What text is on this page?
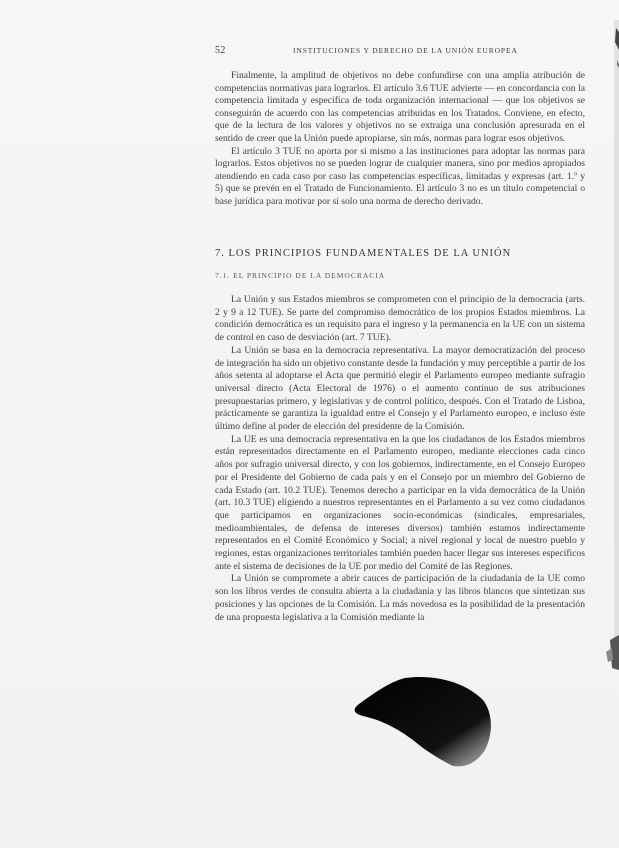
52	INSTITUCIONES Y DERECHO DE LA UNIÓN EUROPEA

Finalmente, la amplitud de objetivos no debe confundirse con una amplia atribución de competencias normativas para lograrlos. El artículo 3.6 TUE advierte — en concordancia con la competencia limitada y específica de toda organización internacional — que los objetivos se conseguirán de acuerdo con las competencias atribuidas en los Tratados. Conviene, en efecto, que de la lectura de los valores y objetivos no se extraiga una conclusión apresurada en el sentido de creer que la Unión puede apropiarse, sin más, normas para lograr esos objetivos.

El artículo 3 TUE no aporta por sí mismo a las instituciones para adoptar las normas para lograrlos. Estos objetivos no se pueden lograr de cualquier manera, sino por medios apropiados atendiendo en cada caso por caso las competencias específicas, limitadas y expresas (art. 1.º y 5) que se prevén en el Tratado de Funcionamiento. El artículo 3 no es un título competencial o base jurídica para motivar por sí solo una norma de derecho derivado.

7. LOS PRINCIPIOS FUNDAMENTALES DE LA UNIÓN
7.1. EL PRINCIPIO DE LA DEMOCRACIA

La Unión y sus Estados miembros se comprometen con el principio de la democracia (arts. 2 y 9 a 12 TUE). Se parte del compromiso democrático de los propios Estados miembros. La condición democrática es un requisito para el ingreso y la permanencia en la UE con un sistema de control en caso de desviación (art. 7 TUE).

La Unión se basa en la democracia representativa. La mayor democratización del proceso de integración ha sido un objetivo constante desde la fundación y muy perceptible a partir de los años setenta al adoptarse el Acta que permitió elegir el Parlamento europeo mediante sufragio universal directo (Acta Electoral de 1976) o el aumento continuo de sus atribuciones presupuestarias primero, y legislativas y de control político, después. Con el Tratado de Lisboa, prácticamente se garantiza la igualdad entre el Consejo y el Parlamento europeo, e incluso éste último define al poder de elección del presidente de la Comisión.

La UE es una democracia representativa en la que los ciudadanos de los Estados miembros están representados directamente en el Parlamento europeo, mediante elecciones cada cinco años por sufragio universal directo, y con los gobiernos, indirectamente, en el Consejo Europeo por el Presidente del Gobierno de cada país y en el Consejo por un miembro del Gobierno de cada Estado (art. 10.2 TUE). Tenemos derecho a participar en la vida democrática de la Unión (art. 10.3 TUE) eligiendo a nuestros representantes en el Parlamento a su vez como ciudadanos que participamos en organizaciones socio-económicas (sindicales, empresariales, medioambientales, de defensa de intereses diversos) también estamos indirectamente representados en el Comité Económico y Social; a nivel regional y local de nuestro pueblo y regiones, estas organizaciones territoriales también pueden hacer llegar sus intereses específicos ante el sistema de decisiones de la UE por medio del Comité de las Regiones.

La Unión se compromete a abrir cauces de participación de la ciudadanía de la UE como son los libros verdes de consulta abierta a la ciudadanía y las libros blancos que sintetizan sus posiciones y las opciones de la Comisión. La más novedosa es la posibilidad de la presentación de una propuesta legislativa a la Comisión mediante la
